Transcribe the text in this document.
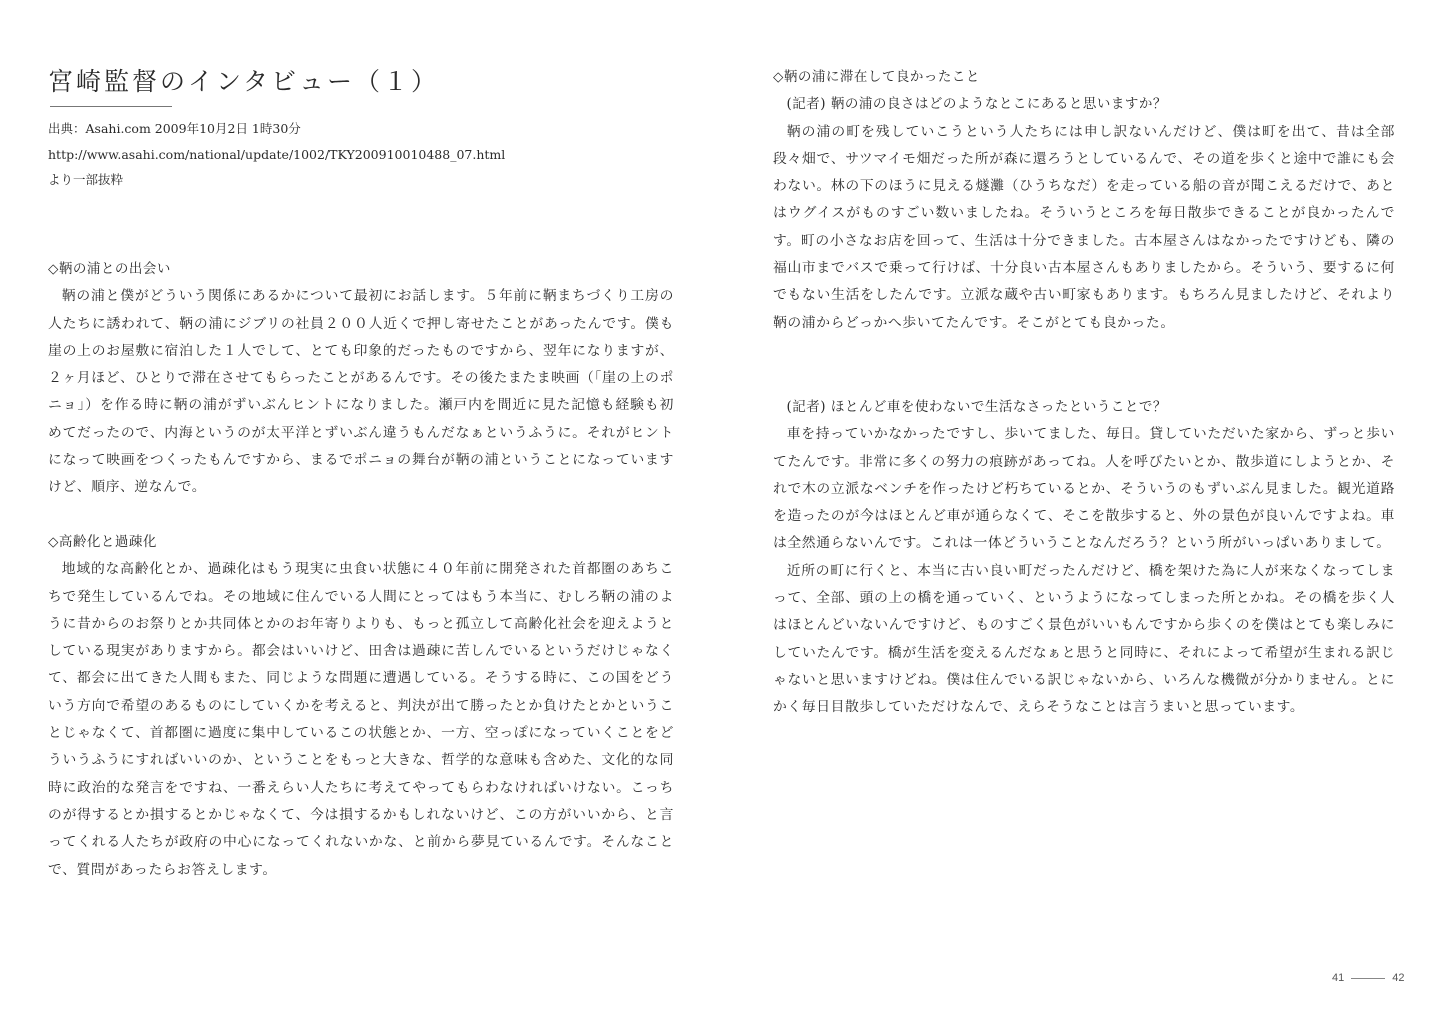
宮崎監督のインタビュー（１）
出典：Asahi.com 2009年10月2日 1時30分
http://www.asahi.com/national/update/1002/TKY200910010488_07.html
より一部抜粋
◇鞆の浦との出会い

鞆の浦と僕がどういう関係にあるかについて最初にお話します。５年前に鞆まちづくり工房の人たちに誘われて、鞆の浦にジブリの社員２００人近くで押し寄せたことがあったんです。僕も崖の上のお屋敷に宿泊した１人でして、とても印象的だったものですから、翌年になりますが、２ヶ月ほど、ひとりで滞在させてもらったことがあるんです。その後たまたま映画（「崖の上のポニョ」）を作る時に鞆の浦がずいぶんヒントになりました。瀬戸内を間近に見た記憶も経験も初めてだったので、内海というのが太平洋とずいぶん違うもんだなぁというふうに。それがヒントになって映画をつくったもんですから、まるでポニョの舞台が鞆の浦ということになっていますけど、順序、逆なんで。

◇高齢化と過疎化

地域的な高齢化とか、過疎化はもう現実に虫食い状態に４０年前に開発された首都圏のあちこちで発生しているんでね。その地域に住んでいる人間にとってはもう本当に、むしろ鞆の浦のように昔からのお祭りとか共同体とかのお年寄りよりも、もっと孤立して高齢化社会を迎えようとしている現実がありますから。都会はいいけど、田舎は過疎に苦しんでいるというだけじゃなくて、都会に出てきた人間もまた、同じような問題に遭遇している。そうする時に、この国をどういう方向で希望のあるものにしていくかを考えると、判決が出て勝ったとか負けたとかということじゃなくて、首都圏に過度に集中しているこの状態とか、一方、空っぽになっていくことをどういうふうにすればいいのか、ということをもっと大きな、哲学的な意味も含めた、文化的な同時に政治的な発言をですね、一番えらい人たちに考えてやってもらわなければいけない。こっちのが得するとか損するとかじゃなくて、今は損するかもしれないけど、この方がいいから、と言ってくれる人たちが政府の中心になってくれないかな、と前から夢見ているんです。そんなことで、質問があったらお答えします。

◇鞆の浦に滞在して良かったこと
(記者) 鞆の浦の良さはどのようなとこにあると思いますか？

鞆の浦の町を残していこうという人たちには申し訳ないんだけど、僕は町を出て、昔は全部段々畑で、サツマイモ畑だった所が森に還ろうとしているんで、その道を歩くと途中で誰にも会わない。林の下のほうに見える燧灘（ひうちなだ）を走っている船の音が聞こえるだけで、あとはウグイスがものすごい数いましたね。そういうところを毎日散歩できることが良かったんです。町の小さなお店を回って、生活は十分できました。古本屋さんはなかったですけども、隣の福山市までバスで乗って行けば、十分良い古本屋さんもありましたから。そういう、要するに何でもない生活をしたんです。立派な蔵や古い町家もあります。もちろん見ましたけど、それより鞆の浦からどっかへ歩いてたんです。そこがとても良かった。

(記者) ほとんど車を使わないで生活なさったということで？

車を持っていかなかったですし、歩いてました、毎日。貸していただいた家から、ずっと歩いてたんです。非常に多くの努力の痕跡があってね。人を呼びたいとか、散歩道にしようとか、それで木の立派なベンチを作ったけど朽ちているとか、そういうのもずいぶん見ました。観光道路を造ったのが今はほとんど車が通らなくて、そこを散歩すると、外の景色が良いんですよね。車は全然通らないんです。これは一体どういうことなんだろう？という所がいっぱいありまして。

近所の町に行くと、本当に古い良い町だったんだけど、橋を架けた為に人が来なくなってしまって、全部、頭の上の橋を通っていく、というようになってしまった所とかね。その橋を歩く人はほとんどいないんですけど、ものすごく景色がいいもんですから歩くのを僕はとても楽しみにしていたんです。橋が生活を変えるんだなぁと思うと同時に、それによって希望が生まれる訳じゃないと思いますけどね。僕は住んでいる訳じゃないから、いろんな機微が分かりません。とにかく毎日目散歩していただけなんで、えらそうなことは言うまいと思っています。

41	42
